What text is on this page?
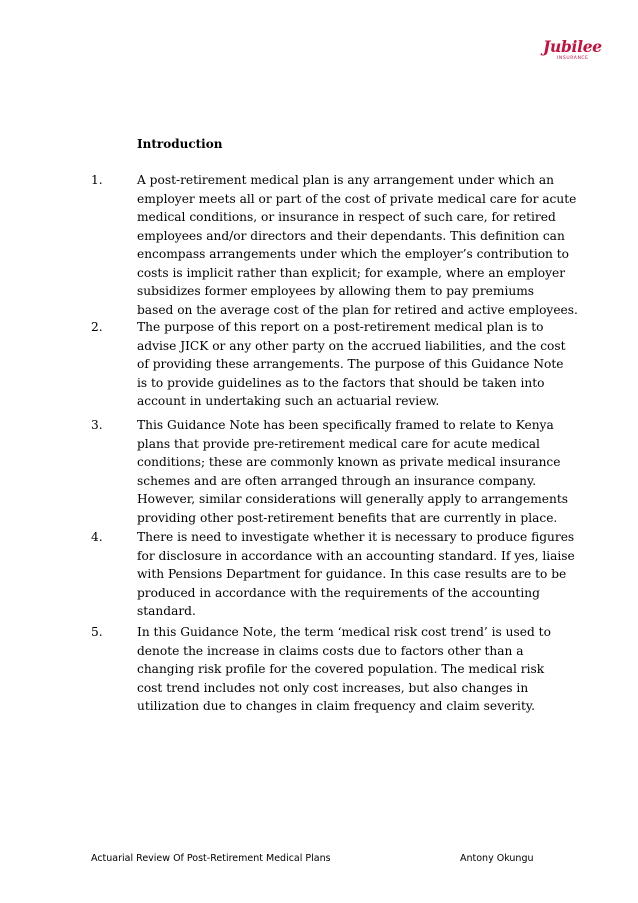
Jubilee
INSURANCE
Introduction
1.	A post-retirement medical plan is any arrangement under which an
employer meets all or part of the cost of private medical care for acute
medical conditions, or insurance in respect of such care, for retired
employees and/or directors and their dependants. This definition can
encompass arrangements under which the employer’s contribution to
costs is implicit rather than explicit; for example, where an employer
subsidizes former employees by allowing them to pay premiums
based on the average cost of the plan for retired and active employees.
2.	The purpose of this report on a post-retirement medical plan is to
advise JICK or any other party on the accrued liabilities, and the cost
of providing these arrangements. The purpose of this Guidance Note
is to provide guidelines as to the factors that should be taken into
account in undertaking such an actuarial review.
3.	This Guidance Note has been specifically framed to relate to Kenya
plans that provide pre-retirement medical care for acute medical
conditions; these are commonly known as private medical insurance
schemes and are often arranged through an insurance company.
However, similar considerations will generally apply to arrangements
providing other post-retirement benefits that are currently in place.
4.	There is need to investigate whether it is necessary to produce figures
for disclosure in accordance with an accounting standard. If yes, liaise
with Pensions Department for guidance. In this case results are to be
produced in accordance with the requirements of the accounting
standard.
5.	In this Guidance Note, the term ‘medical risk cost trend’ is used to
denote the increase in claims costs due to factors other than a
changing risk profile for the covered population. The medical risk
cost trend includes not only cost increases, but also changes in
utilization due to changes in claim frequency and claim severity.
Actuarial Review Of Post-Retirement Medical Plans	Antony Okungu
